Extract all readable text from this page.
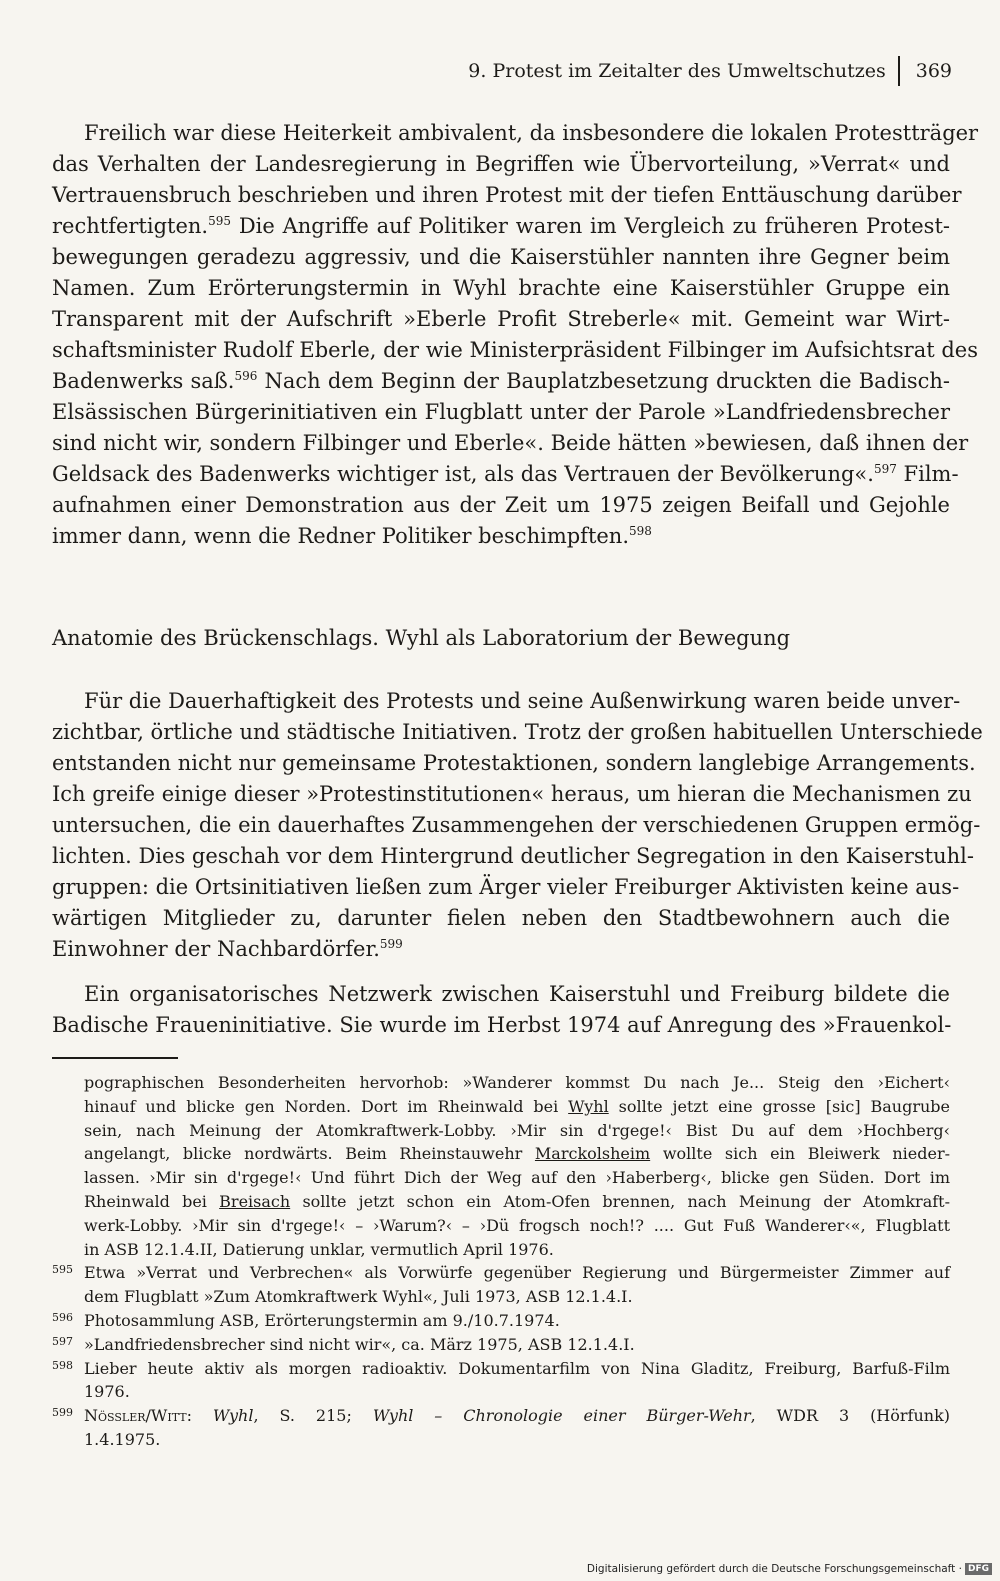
9. Protest im Zeitalter des Umweltschutzes	369
Freilich war diese Heiterkeit ambivalent, da insbesondere die lokalen Protestträger
das Verhalten der Landesregierung in Begriffen wie Übervorteilung, »Verrat« und
Vertrauensbruch beschrieben und ihren Protest mit der tiefen Enttäuschung darüber
rechtfertigten.$^{595}$ Die Angriffe auf Politiker waren im Vergleich zu früheren Protest-
bewegungen geradezu aggressiv, und die Kaiserstühler nannten ihre Gegner beim
Namen. Zum Erörterungstermin in Wyhl brachte eine Kaiserstühler Gruppe ein
Transparent mit der Aufschrift »Eberle Profit Streberle« mit. Gemeint war Wirt-
schaftsminister Rudolf Eberle, der wie Ministerpräsident Filbinger im Aufsichtsrat des
Badenwerks saß.$^{596}$ Nach dem Beginn der Bauplatzbesetzung druckten die Badisch-
Elsässischen Bürgerinitiativen ein Flugblatt unter der Parole »Landfriedensbrecher
sind nicht wir, sondern Filbinger und Eberle«. Beide hätten »bewiesen, daß ihnen der
Geldsack des Badenwerks wichtiger ist, als das Vertrauen der Bevölkerung«.$^{597}$ Film-
aufnahmen einer Demonstration aus der Zeit um 1975 zeigen Beifall und Gejohle
immer dann, wenn die Redner Politiker beschimpften.$^{598}$
Anatomie des Brückenschlags. Wyhl als Laboratorium der Bewegung
Für die Dauerhaftigkeit des Protests und seine Außenwirkung waren beide unver-
zichtbar, örtliche und städtische Initiativen. Trotz der großen habituellen Unterschiede
entstanden nicht nur gemeinsame Protestaktionen, sondern langlebige Arrangements.
Ich greife einige dieser »Protestinstitutionen« heraus, um hieran die Mechanismen zu
untersuchen, die ein dauerhaftes Zusammengehen der verschiedenen Gruppen ermög-
lichten. Dies geschah vor dem Hintergrund deutlicher Segregation in den Kaiserstuhl-
gruppen: die Ortsinitiativen ließen zum Ärger vieler Freiburger Aktivisten keine aus-
wärtigen Mitglieder zu, darunter fielen neben den Stadtbewohnern auch die
Einwohner der Nachbardörfer.$^{599}$
Ein organisatorisches Netzwerk zwischen Kaiserstuhl und Freiburg bildete die
Badische Fraueninitiative. Sie wurde im Herbst 1974 auf Anregung des »Frauenkol-
pographischen Besonderheiten hervorhob: »Wanderer kommst Du nach Je... Steig den ›Eichert‹
hinauf und blicke gen Norden. Dort im Rheinwald bei Wyhl sollte jetzt eine grosse [sic] Baugrube
sein, nach Meinung der Atomkraftwerk-Lobby. ›Mir sin d'rgege!‹ Bist Du auf dem ›Hochberg‹
angelangt, blicke nordwärts. Beim Rheinstauwehr Marckolsheim wollte sich ein Bleiwerk nieder-
lassen. ›Mir sin d'rgege!‹ Und führt Dich der Weg auf den ›Haberberg‹, blicke gen Süden. Dort im
Rheinwald bei Breisach sollte jetzt schon ein Atom-Ofen brennen, nach Meinung der Atomkraft-
werk-Lobby. ›Mir sin d'rgege!‹ – ›Warum?‹ – ›Dü frogsch noch!? .... Gut Fuß Wanderer‹«, Flugblatt
in ASB 12.1.4.II, Datierung unklar, vermutlich April 1976.
595 Etwa »Verrat und Verbrechen« als Vorwürfe gegenüber Regierung und Bürgermeister Zimmer auf
dem Flugblatt »Zum Atomkraftwerk Wyhl«, Juli 1973, ASB 12.1.4.I.
596 Photosammlung ASB, Erörterungstermin am 9./10.7.1974.
597 »Landfriedensbrecher sind nicht wir«, ca. März 1975, ASB 12.1.4.I.
598 Lieber heute aktiv als morgen radioaktiv. Dokumentarfilm von Nina Gladitz, Freiburg, Barfuß-Film
1976.
599 Nössler/Witt: Wyhl, S. 215; Wyhl – Chronologie einer Bürger-Wehr, WDR 3 (Hörfunk)
1.4.1975.
Digitalisierung gefördert durch die Deutsche Forschungsgemeinschaft · DFG
